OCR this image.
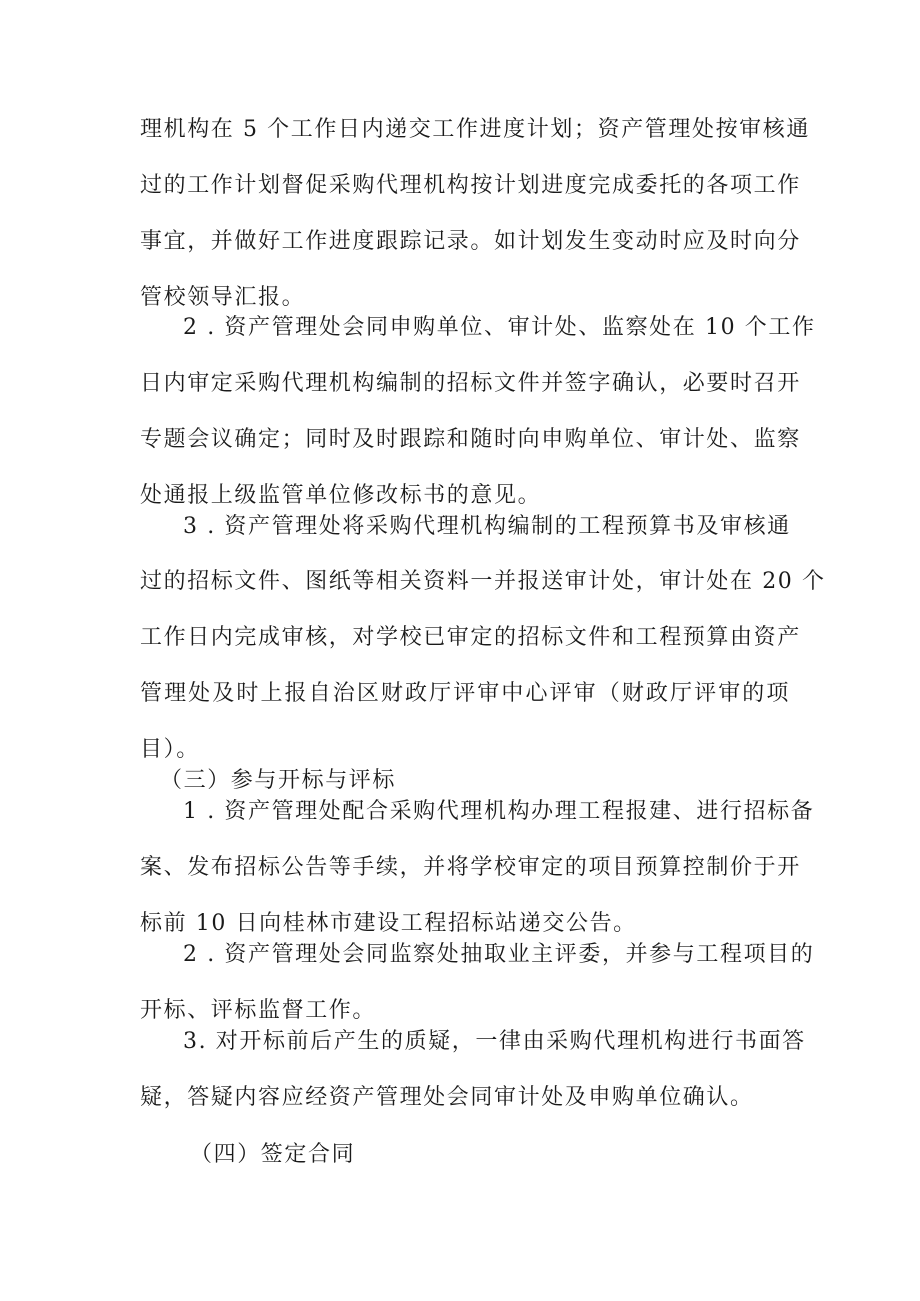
理机构在 5 个工作日内递交工作进度计划；资产管理处按审核通
过的工作计划督促采购代理机构按计划进度完成委托的各项工作
事宜，并做好工作进度跟踪记录。如计划发生变动时应及时向分
管校领导汇报。
2 . 资产管理处会同申购单位、审计处、监察处在 10 个工作
日内审定采购代理机构编制的招标文件并签字确认，必要时召开
专题会议确定；同时及时跟踪和随时向申购单位、审计处、监察
处通报上级监管单位修改标书的意见。
3 . 资产管理处将采购代理机构编制的工程预算书及审核通
过的招标文件、图纸等相关资料一并报送审计处，审计处在 20 个
工作日内完成审核，对学校已审定的招标文件和工程预算由资产
管理处及时上报自治区财政厅评审中心评审（财政厅评审的项
目）。
（三）参与开标与评标
1 . 资产管理处配合采购代理机构办理工程报建、进行招标备
案、发布招标公告等手续，并将学校审定的项目预算控制价于开
标前 10 日向桂林市建设工程招标站递交公告。
2 . 资产管理处会同监察处抽取业主评委，并参与工程项目的
开标、评标监督工作。
3. 对开标前后产生的质疑，一律由采购代理机构进行书面答
疑，答疑内容应经资产管理处会同审计处及申购单位确认。
（四）签定合同
